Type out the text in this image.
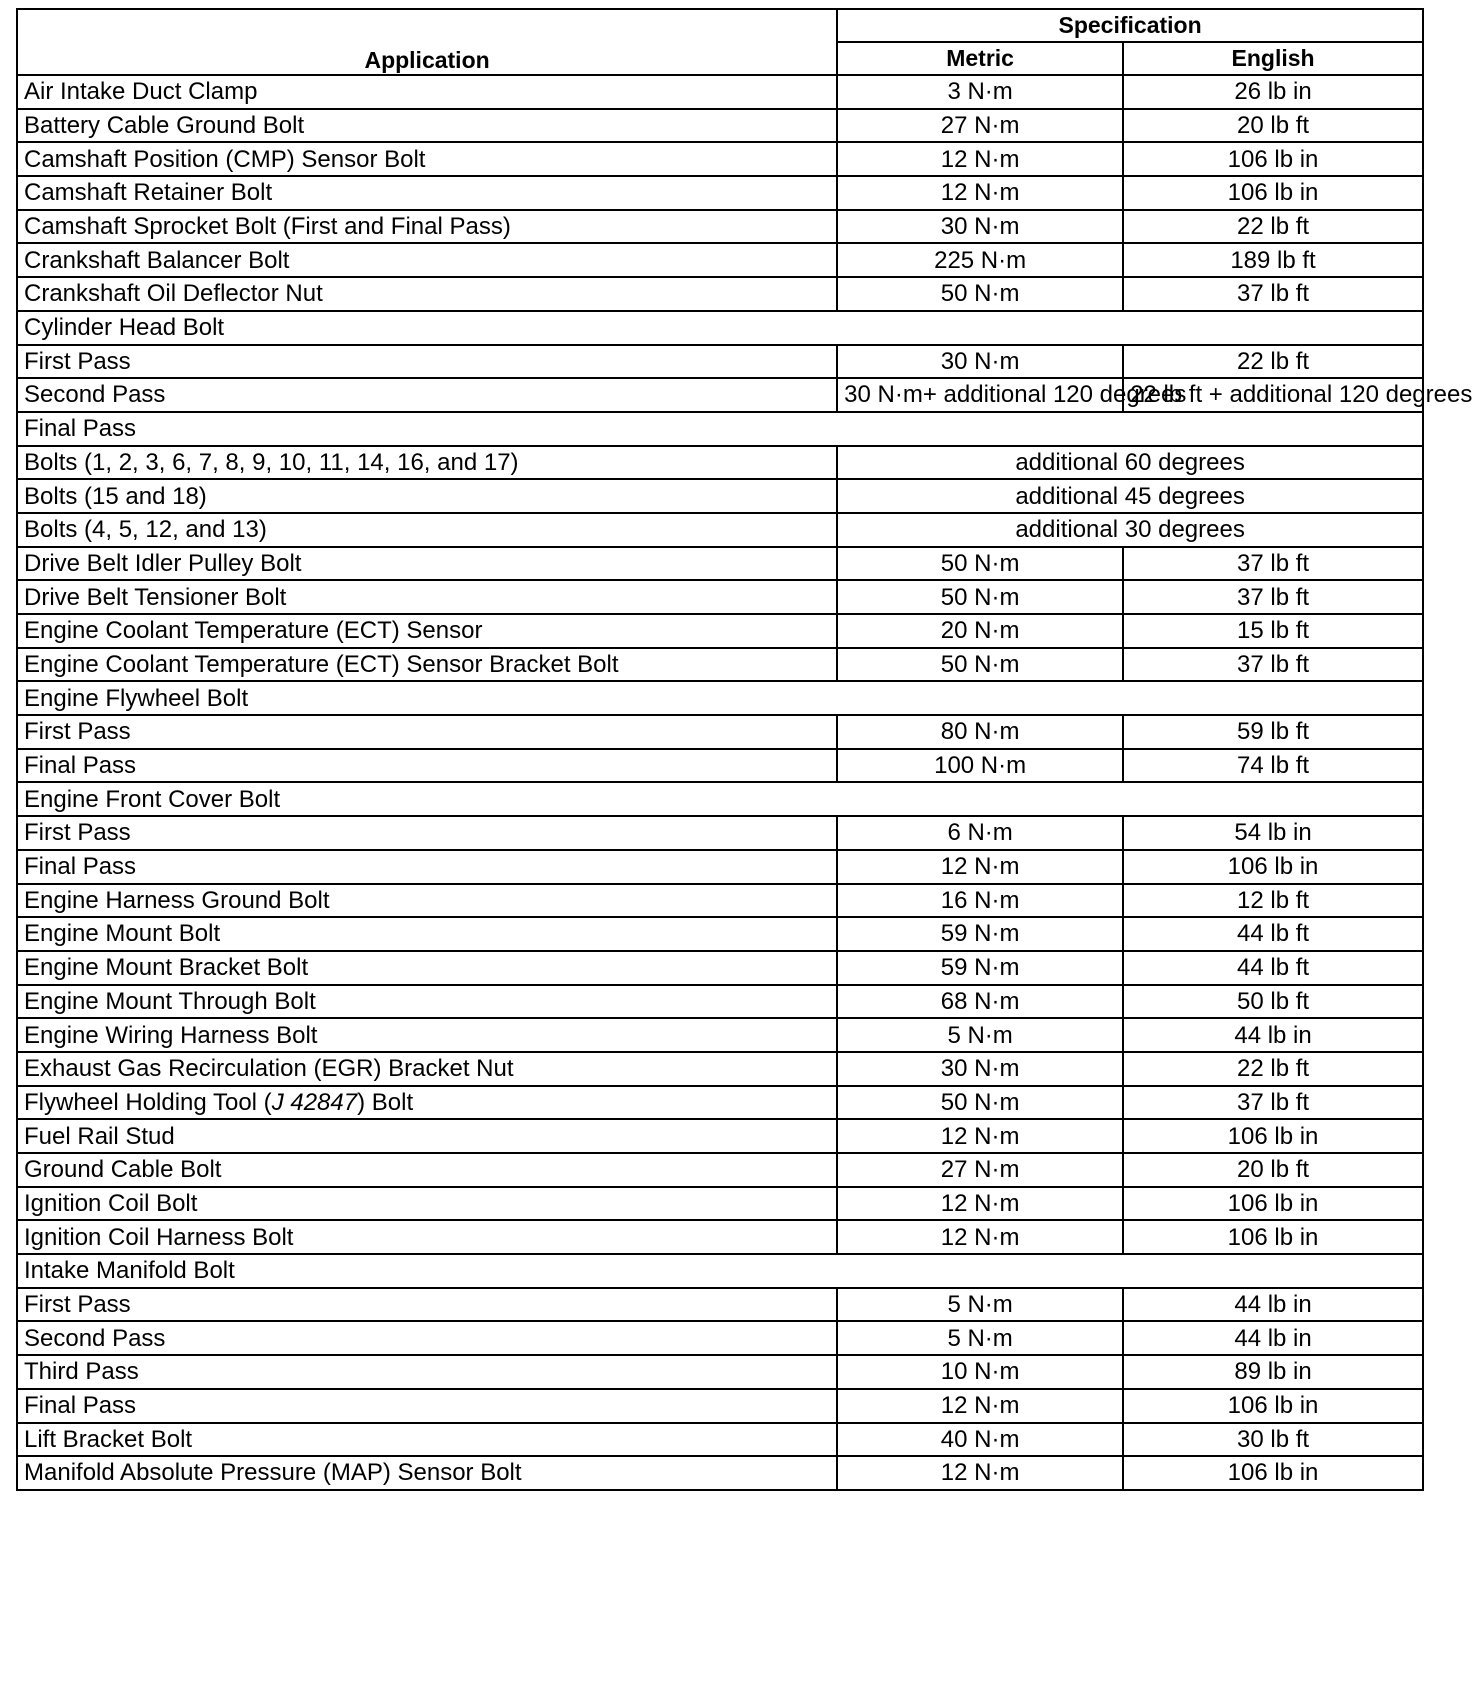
Application	Specification	
	Metric	English
Air Intake Duct Clamp	3 N·m	26 lb in
Battery Cable Ground Bolt	27 N·m	20 lb ft
Camshaft Position (CMP) Sensor Bolt	12 N·m	106 lb in
Camshaft Retainer Bolt	12 N·m	106 lb in
Camshaft Sprocket Bolt (First and Final Pass)	30 N·m	22 lb ft
Crankshaft Balancer Bolt	225 N·m	189 lb ft
Crankshaft Oil Deflector Nut	50 N·m	37 lb ft
Cylinder Head Bolt		
First Pass	30 N·m	22 lb ft
Second Pass	30 N·m+ additional 120 degrees	22 lb ft + additional 120 degrees
Final Pass		
Bolts (1, 2, 3, 6, 7, 8, 9, 10, 11, 14, 16, and 17)	additional 60 degrees	
Bolts (15 and 18)	additional 45 degrees	
Bolts (4, 5, 12, and 13)	additional 30 degrees	
Drive Belt Idler Pulley Bolt	50 N·m	37 lb ft
Drive Belt Tensioner Bolt	50 N·m	37 lb ft
Engine Coolant Temperature (ECT) Sensor	20 N·m	15 lb ft
Engine Coolant Temperature (ECT) Sensor Bracket Bolt	50 N·m	37 lb ft
Engine Flywheel Bolt		
First Pass	80 N·m	59 lb ft
Final Pass	100 N·m	74 lb ft
Engine Front Cover Bolt		
First Pass	6 N·m	54 lb in
Final Pass	12 N·m	106 lb in
Engine Harness Ground Bolt	16 N·m	12 lb ft
Engine Mount Bolt	59 N·m	44 lb ft
Engine Mount Bracket Bolt	59 N·m	44 lb ft
Engine Mount Through Bolt	68 N·m	50 lb ft
Engine Wiring Harness Bolt	5 N·m	44 lb in
Exhaust Gas Recirculation (EGR) Bracket Nut	30 N·m	22 lb ft
Flywheel Holding Tool (J 42847) Bolt	50 N·m	37 lb ft
Fuel Rail Stud	12 N·m	106 lb in
Ground Cable Bolt	27 N·m	20 lb ft
Ignition Coil Bolt	12 N·m	106 lb in
Ignition Coil Harness Bolt	12 N·m	106 lb in
Intake Manifold Bolt		
First Pass	5 N·m	44 lb in
Second Pass	5 N·m	44 lb in
Third Pass	10 N·m	89 lb in
Final Pass	12 N·m	106 lb in
Lift Bracket Bolt	40 N·m	30 lb ft
Manifold Absolute Pressure (MAP) Sensor Bolt	12 N·m	106 lb in
